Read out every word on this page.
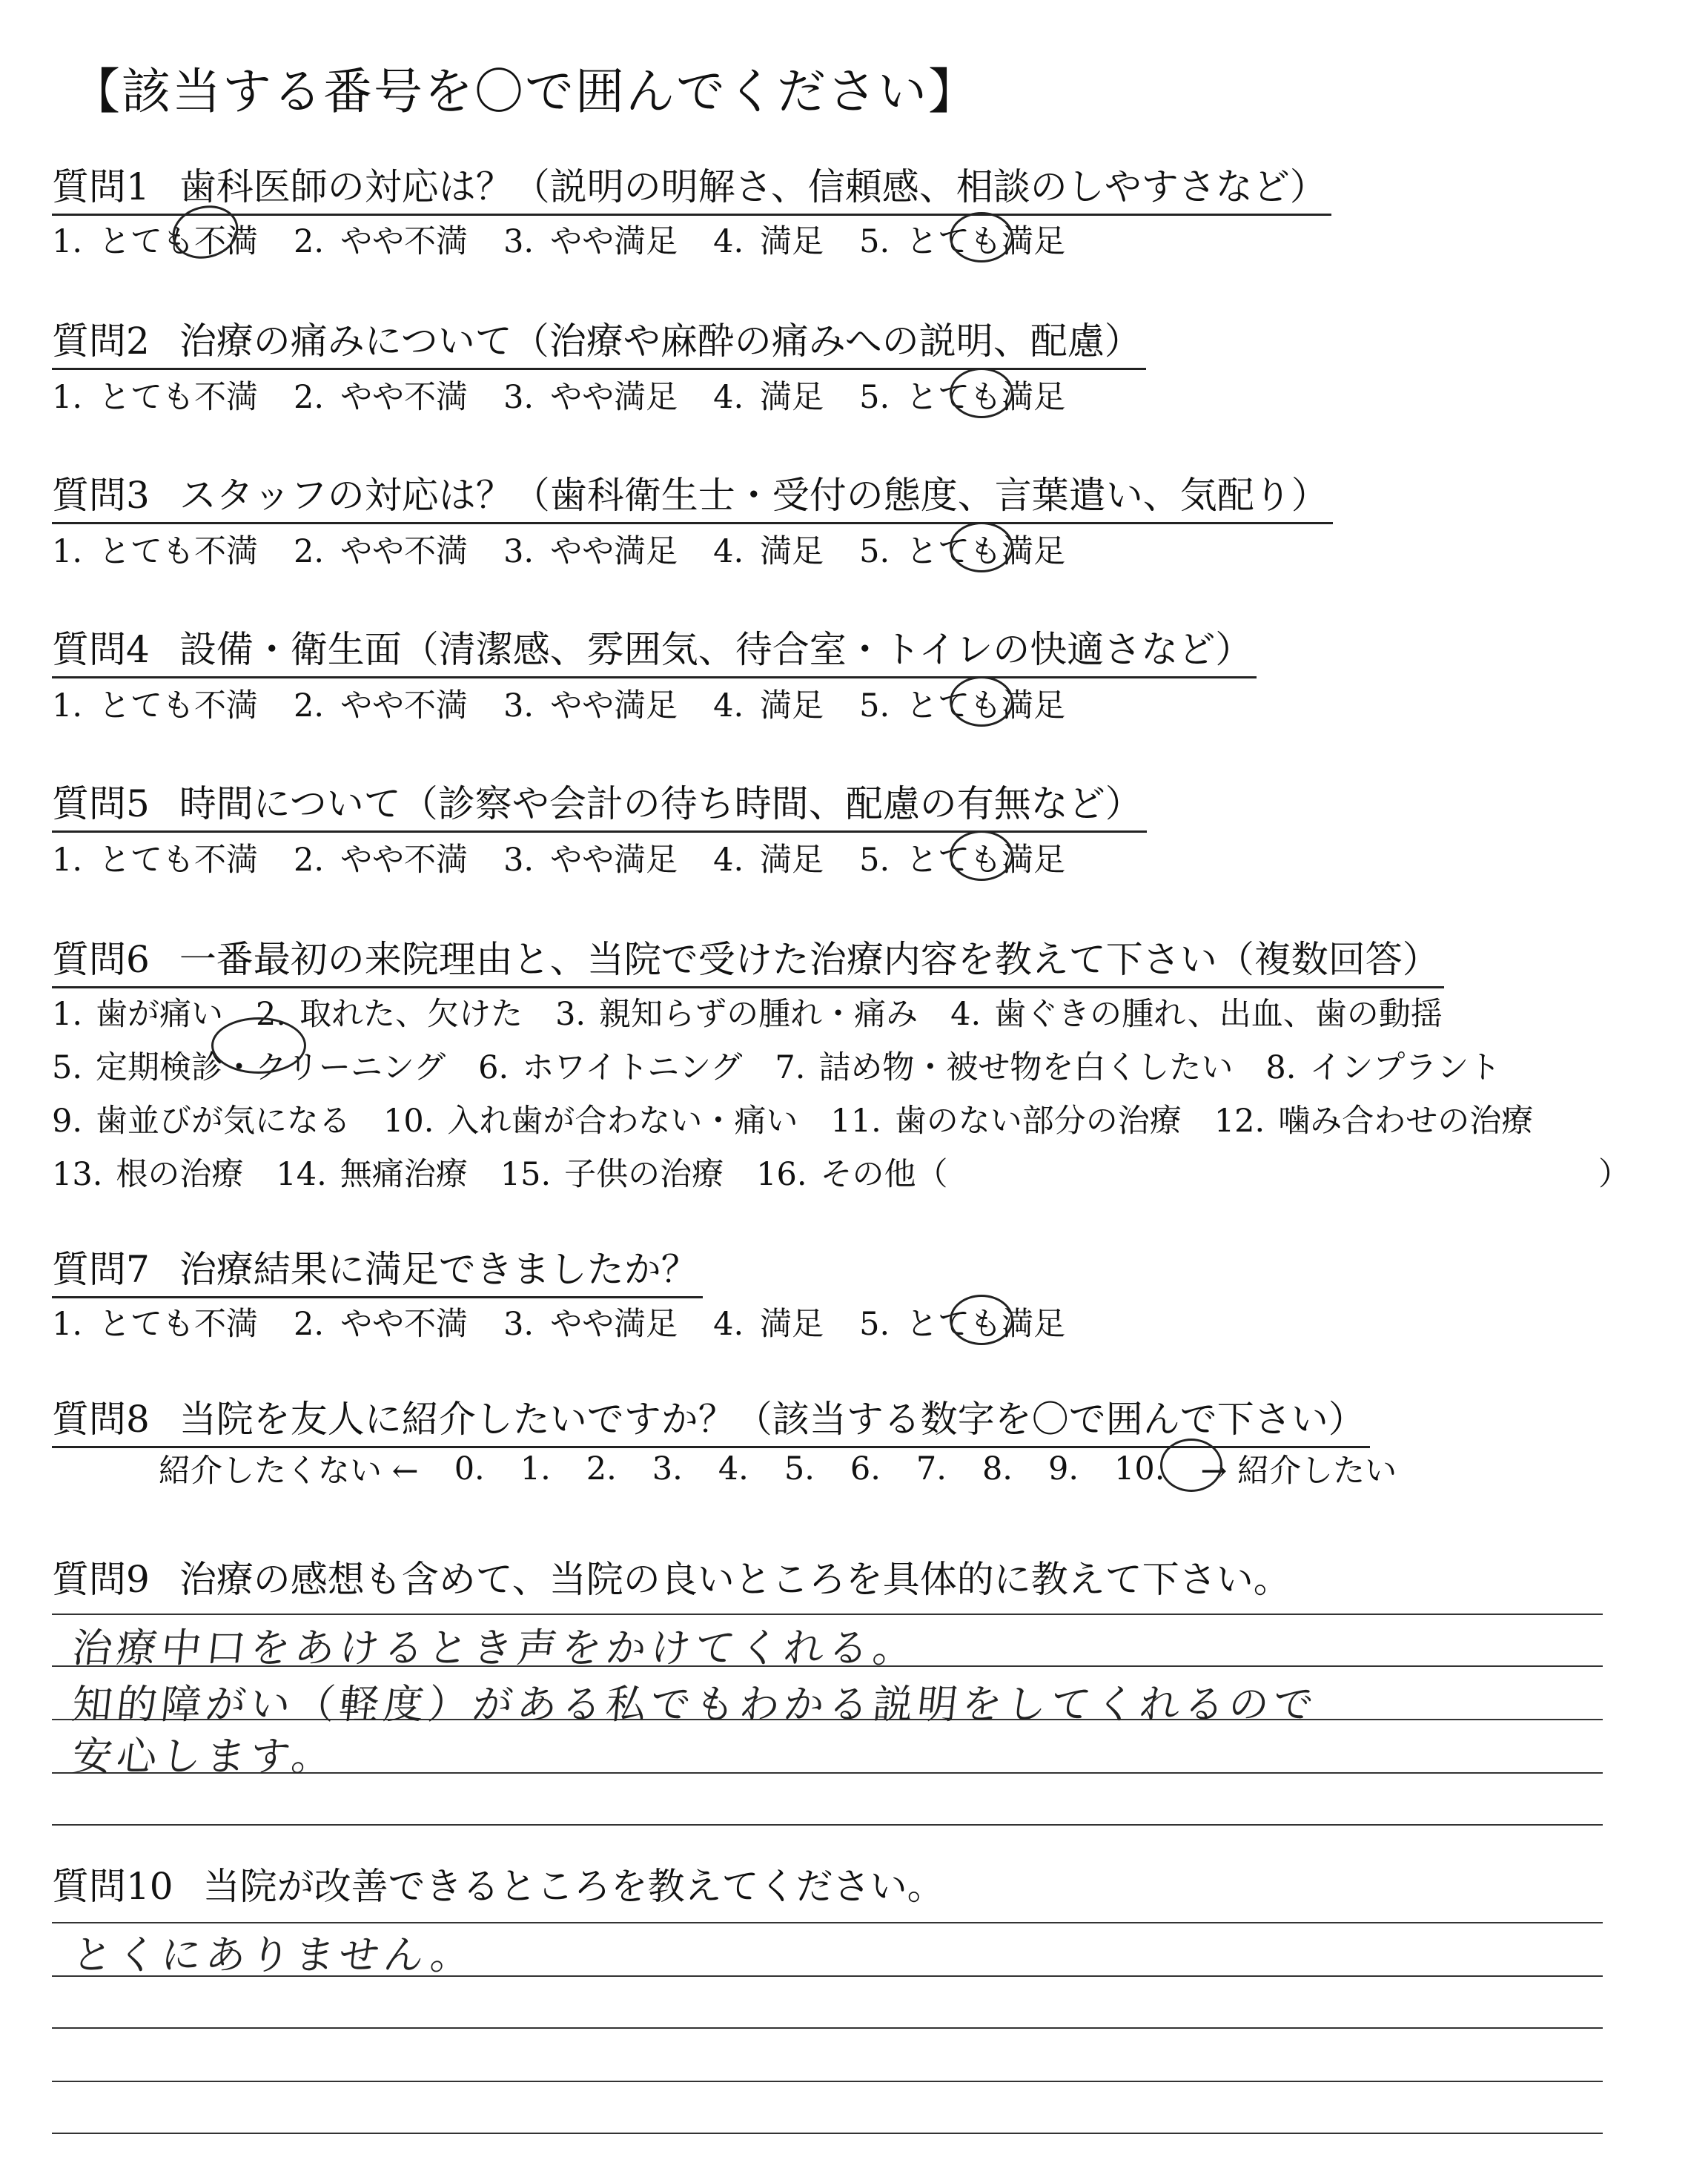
【該当する番号を〇で囲んでください】
質問1 歯科医師の対応は？（説明の明解さ、信頼感、相談のしやすさなど）
1. とても不満 2. やや不満 3. やや満足 4. 満足 5. とても満足
質問2 治療の痛みについて（治療や麻酔の痛みへの説明、配慮）
1. とても不満 2. やや不満 3. やや満足 4. 満足 5. とても満足
質問3 スタッフの対応は？（歯科衛生士・受付の態度、言葉遣い、気配り）
1. とても不満 2. やや不満 3. やや満足 4. 満足 5. とても満足
質問4 設備・衛生面（清潔感、雰囲気、待合室・トイレの快適さなど）
1. とても不満 2. やや不満 3. やや満足 4. 満足 5. とても満足
質問5 時間について（診察や会計の待ち時間、配慮の有無など）
1. とても不満 2. やや不満 3. やや満足 4. 満足 5. とても満足
質問6 一番最初の来院理由と、当院で受けた治療内容を教えて下さい（複数回答）
1. 歯が痛い 2. 取れた、欠けた 3. 親知らずの腫れ・痛み 4. 歯ぐきの腫れ、出血、歯の動揺
5. 定期検診・クリーニング 6. ホワイトニング 7. 詰め物・被せ物を白くしたい 8. インプラント
9. 歯並びが気になる 10. 入れ歯が合わない・痛い 11. 歯のない部分の治療 12. 噛み合わせの治療
13. 根の治療 14. 無痛治療 15. 子供の治療 16. その他（	）
質問7 治療結果に満足できましたか？
1. とても不満 2. やや不満 3. やや満足 4. 満足 5. とても満足
質問8 当院を友人に紹介したいですか？（該当する数字を〇で囲んで下さい）
紹介したくない ← 0. 1. 2. 3. 4. 5. 6. 7. 8. 9. 10. → 紹介したい
質問9 治療の感想も含めて、当院の良いところを具体的に教えて下さい。
治療中口をあけるとき声をかけてくれる。
知的障がい（軽度）がある私でもわかる説明をしてくれるので
安心します。
質問10 当院が改善できるところを教えてください。
とくにありません。
